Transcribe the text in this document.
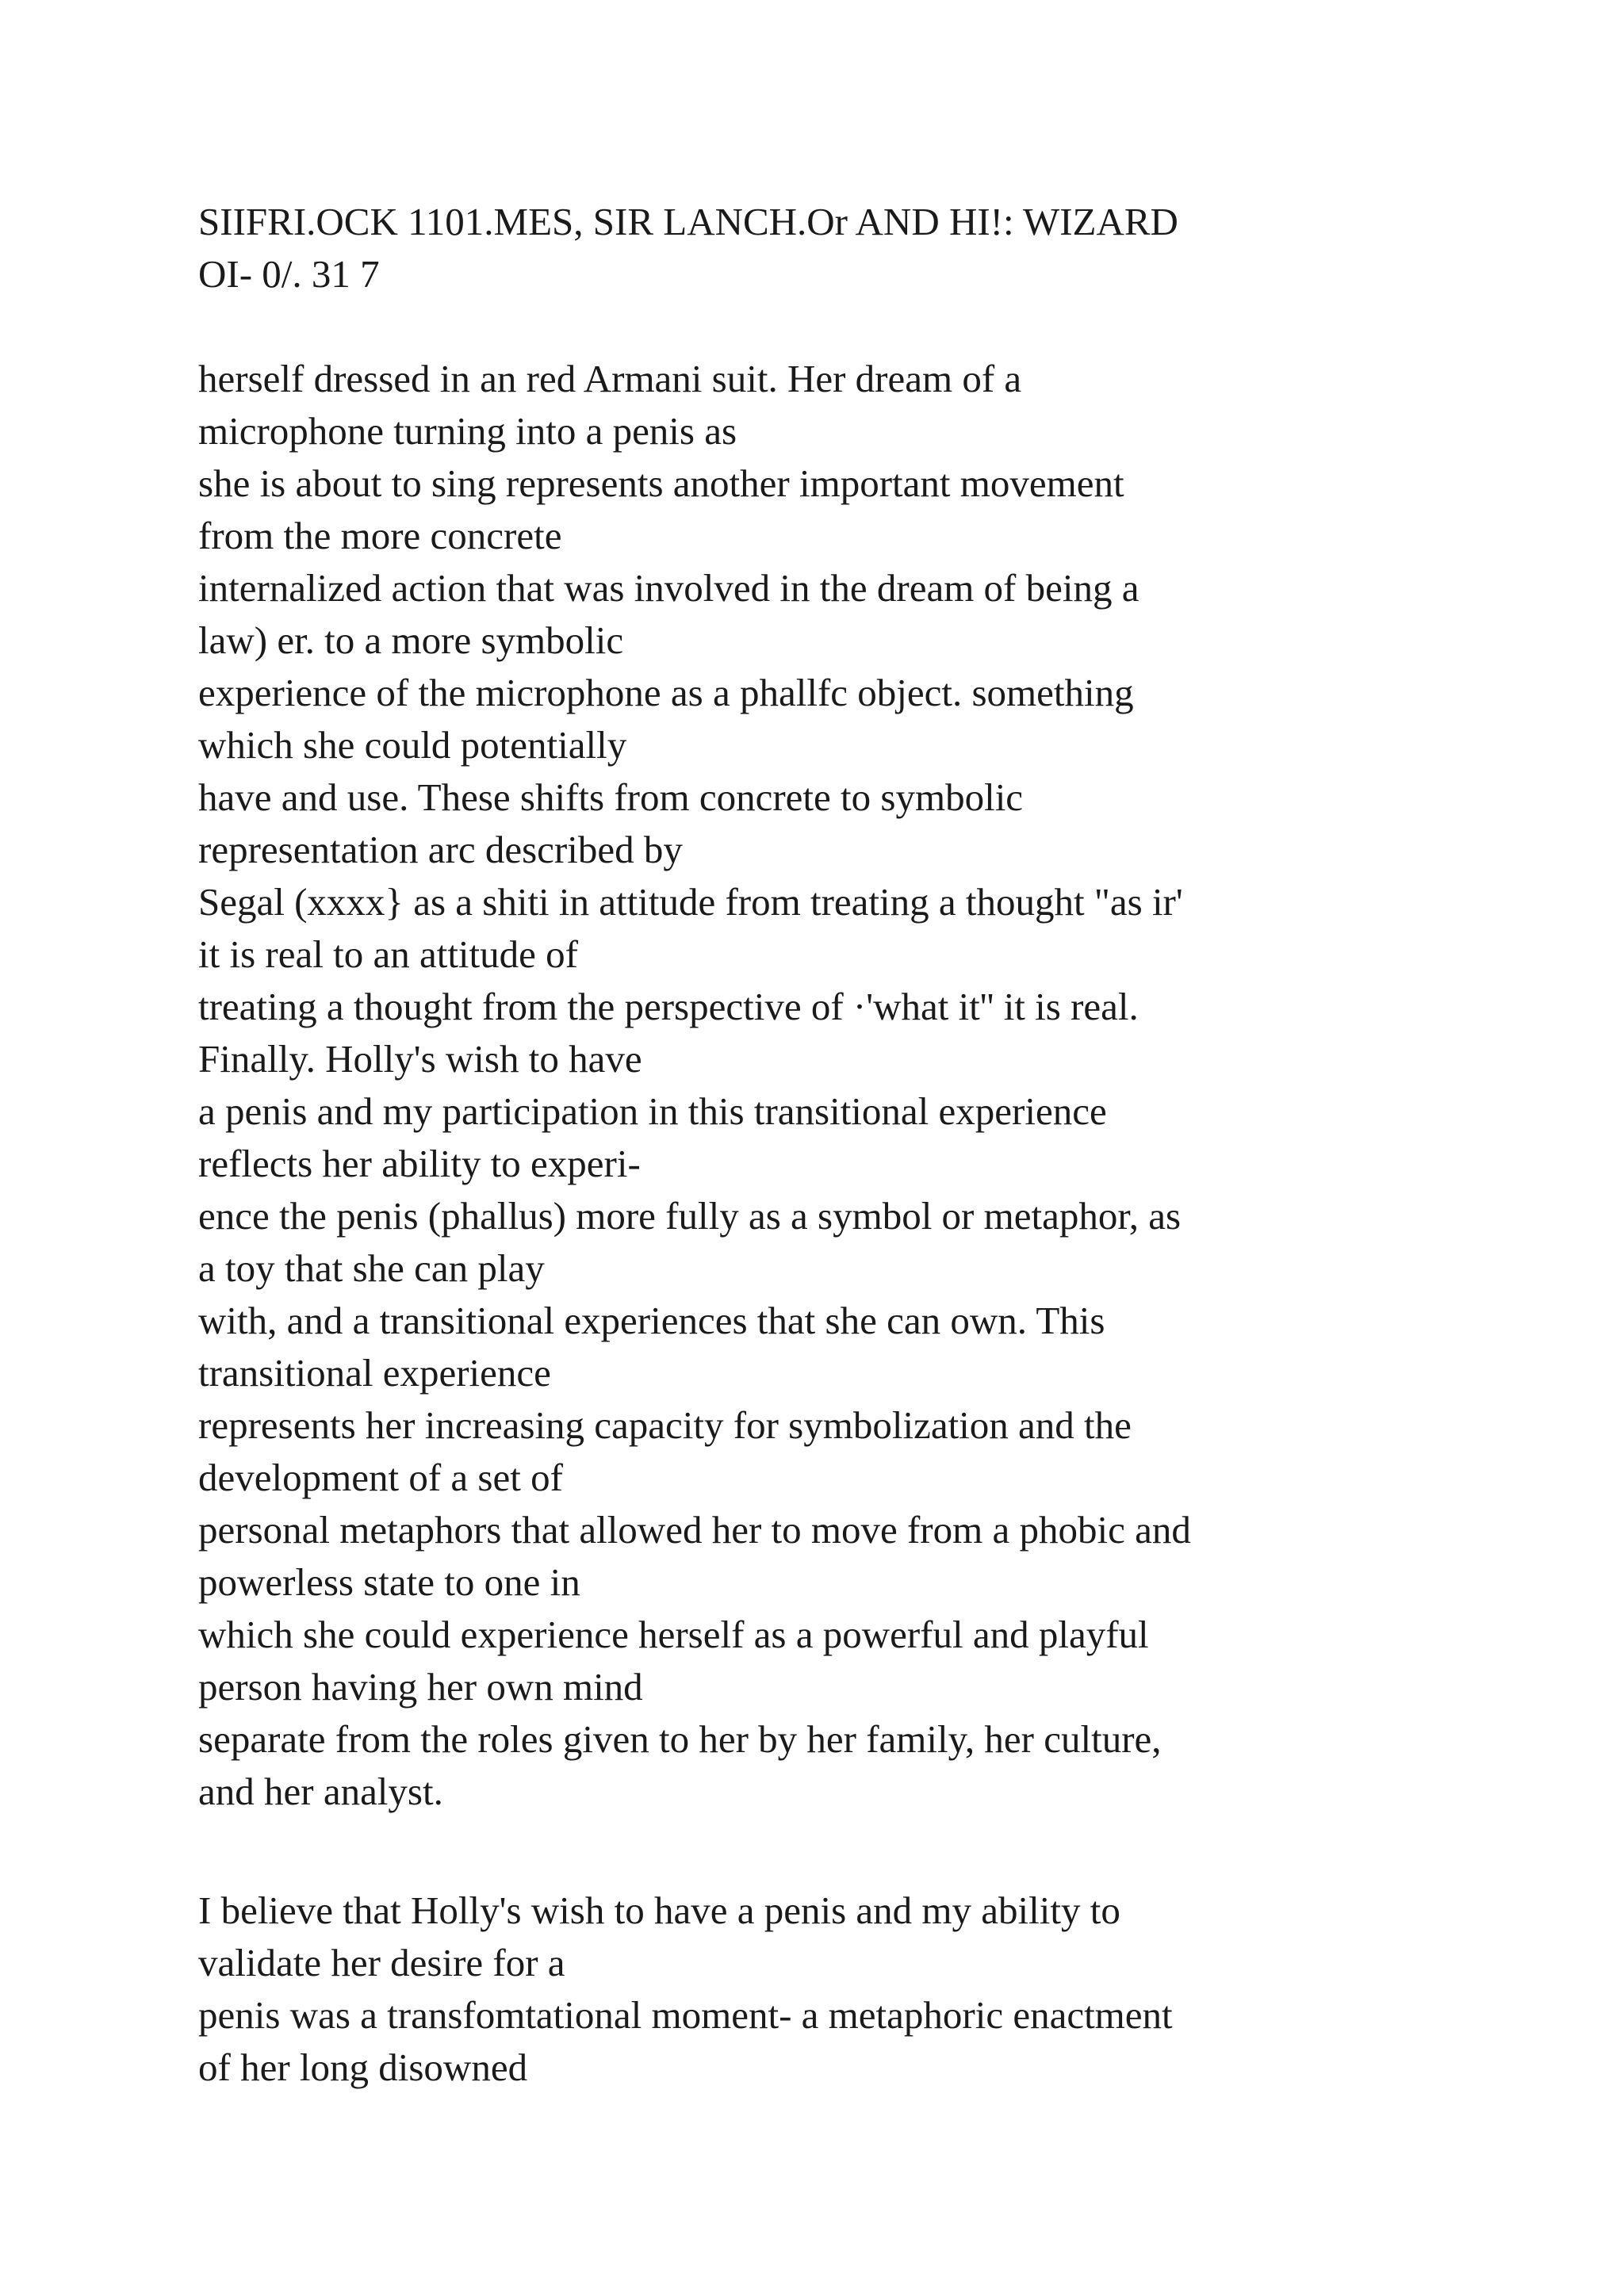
SIIFRI.OCK 1101.MES, SIR LANCH.Or AND HI!: WIZARD
OI- 0/. 31 7
herself dressed in an red Armani suit. Her dream of a
microphone turning into a penis as
she is about to sing represents another important movement
from the more concrete
internalized action that was involved in the dream of being a
law) er. to a more symbolic
experience of the microphone as a phallfc object. something
which she could potentially
have and use. These shifts from concrete to symbolic
representation arc described by
Segal (xxxx} as a shiti in attitude from treating a thought "as ir'
it is real to an attitude of
treating a thought from the perspective of ·'what it'' it is real.
Finally. Holly's wish to have
a penis and my participation in this transitional experience
reflects her ability to experi-
ence the penis (phallus) more fully as a symbol or metaphor, as
a toy that she can play
with, and a transitional experiences that she can own. This
transitional experience
represents her increasing capacity for symbolization and the
development of a set of
personal metaphors that allowed her to move from a phobic and
powerless state to one in
which she could experience herself as a powerful and playful
person having her own mind
separate from the roles given to her by her family, her culture,
and her analyst.
I believe that Holly's wish to have a penis and my ability to
validate her desire for a
penis was a transfomtational moment- a metaphoric enactment
of her long disowned
